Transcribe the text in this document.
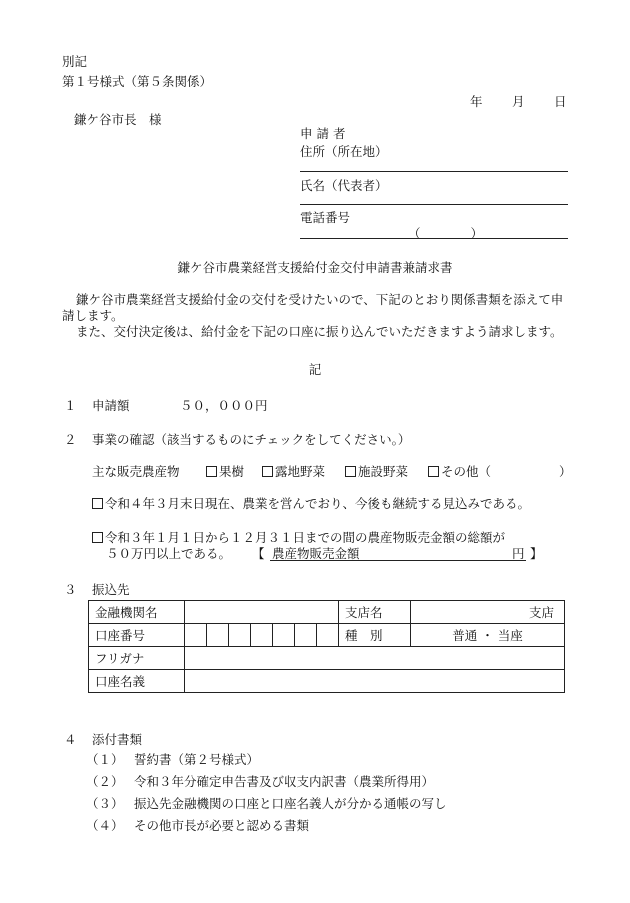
別記
第１号様式（第５条関係）
年 月 日
鎌ケ谷市長　様
申 請 者
住所（所在地）
氏名（代表者）
電話番号
（　　　　）
鎌ケ谷市農業経営支援給付金交付申請書兼請求書
鎌ケ谷市農業経営支援給付金の交付を受けたいので、下記のとおり関係書類を添えて申請します。
また、交付決定後は、給付金を下記の口座に振り込んでいただきますよう請求します。
記
１ 申請額	５０，０００円
２ 事業の確認（該当するものにチェックをしてください。）
主な販売農産物	果樹	露地野菜	施設野菜	その他（	）
令和４年３月末日現在、農業を営んでおり、今後も継続する見込みである。
令和３年１月１日から１２月３１日までの間の農産物販売金額の総額が
５０万円以上である。 【 農産物販売金額	円 】
３ 振込先
金融機関名								支店名	支店
口座番号								種　別	普通 ・ 当座
フリガナ									
口座名義									
４ 添付書類
（１） 誓約書（第２号様式）
（２） 令和３年分確定申告書及び収支内訳書（農業所得用）
（３） 振込先金融機関の口座と口座名義人が分かる通帳の写し
（４） その他市長が必要と認める書類
